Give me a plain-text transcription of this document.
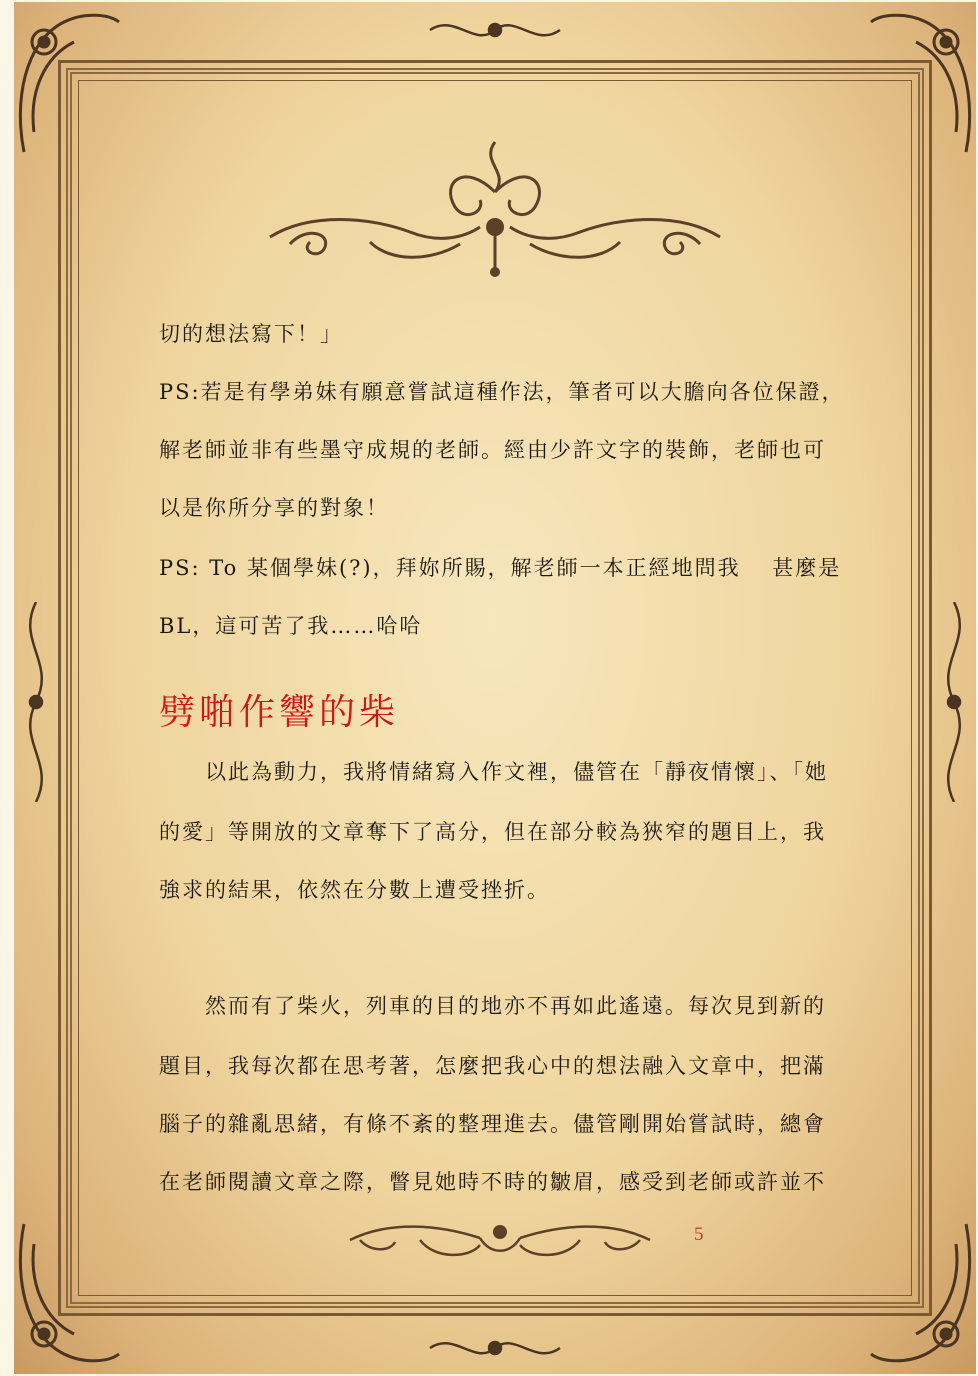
切的想法寫下！」
PS:若是有學弟妹有願意嘗試這種作法，筆者可以大膽向各位保證，
解老師並非有些墨守成規的老師。經由少許文字的裝飾，老師也可
以是你所分享的對象！
PS: To 某個學妹(?)，拜妳所賜，解老師一本正經地問我　 甚麼是
BL，這可苦了我……哈哈
劈啪作響的柴
　　以此為動力，我將情緒寫入作文裡，儘管在「靜夜情懷」、「她
的愛」等開放的文章奪下了高分，但在部分較為狹窄的題目上，我
強求的結果，依然在分數上遭受挫折。
　　然而有了柴火，列車的目的地亦不再如此遙遠。每次見到新的
題目，我每次都在思考著，怎麼把我心中的想法融入文章中，把滿
腦子的雜亂思緒，有條不紊的整理進去。儘管剛開始嘗試時，總會
在老師閱讀文章之際，瞥見她時不時的皺眉，感受到老師或許並不
5
